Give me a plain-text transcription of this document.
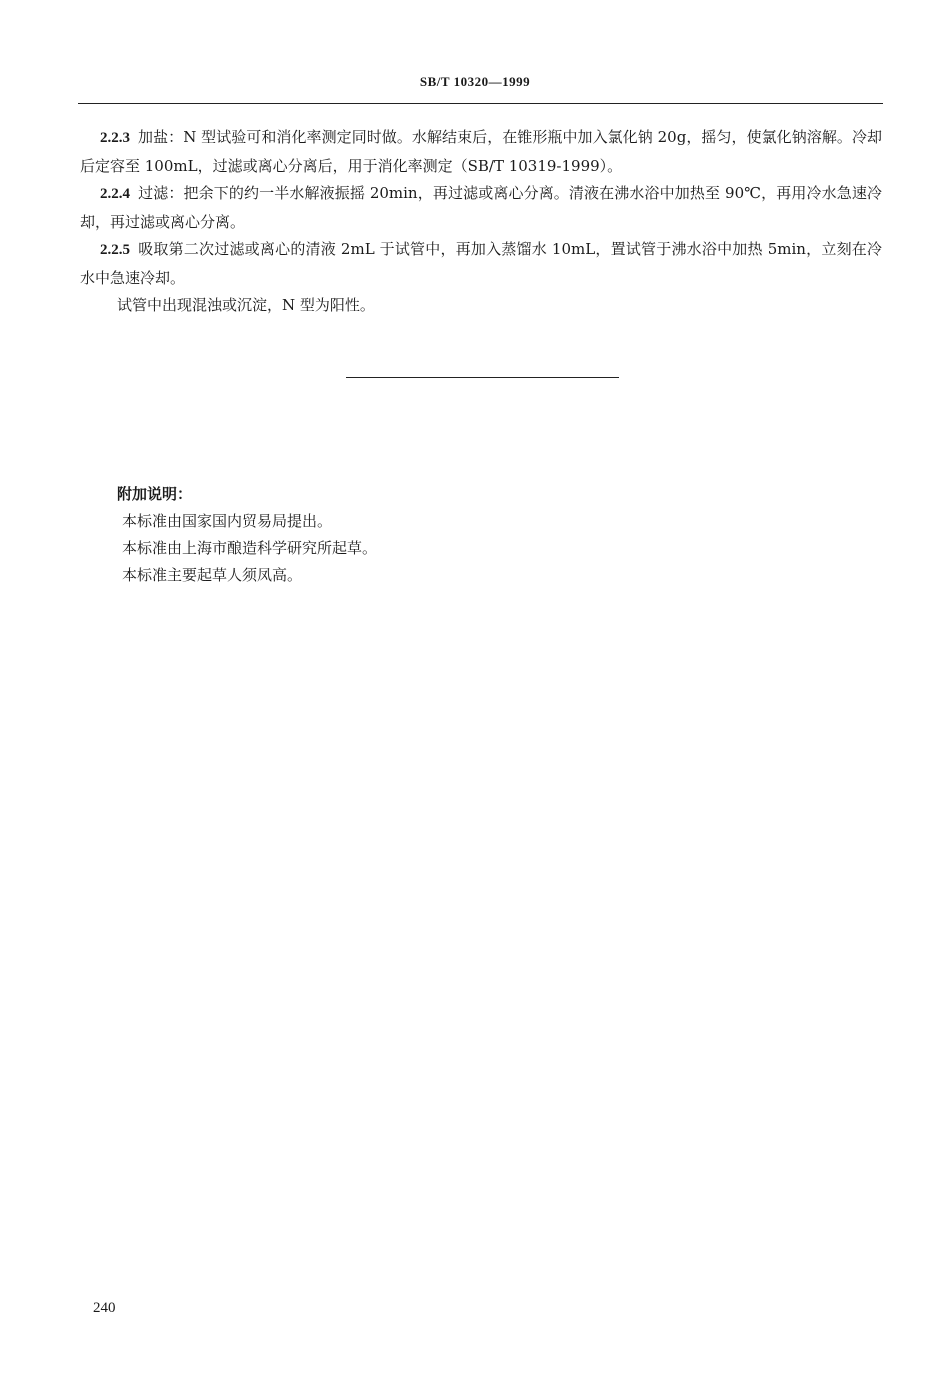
SB/T 10320—1999

2.2.3 加盐：N 型试验可和消化率测定同时做。水解结束后，在锥形瓶中加入氯化钠 20g，摇匀，使氯化钠溶解。冷却后定容至 100mL，过滤或离心分离后，用于消化率测定（SB/T 10319-1999）。

2.2.4 过滤：把余下的约一半水解液振摇 20min，再过滤或离心分离。清液在沸水浴中加热至 90℃，再用冷水急速冷却，再过滤或离心分离。

2.2.5 吸取第二次过滤或离心的清液 2mL 于试管中，再加入蒸馏水 10mL，置试管于沸水浴中加热 5min，立刻在冷水中急速冷却。

试管中出现混浊或沉淀，N 型为阳性。

附加说明：

本标准由国家国内贸易局提出。

本标准由上海市酿造科学研究所起草。

本标准主要起草人须凤高。

240
